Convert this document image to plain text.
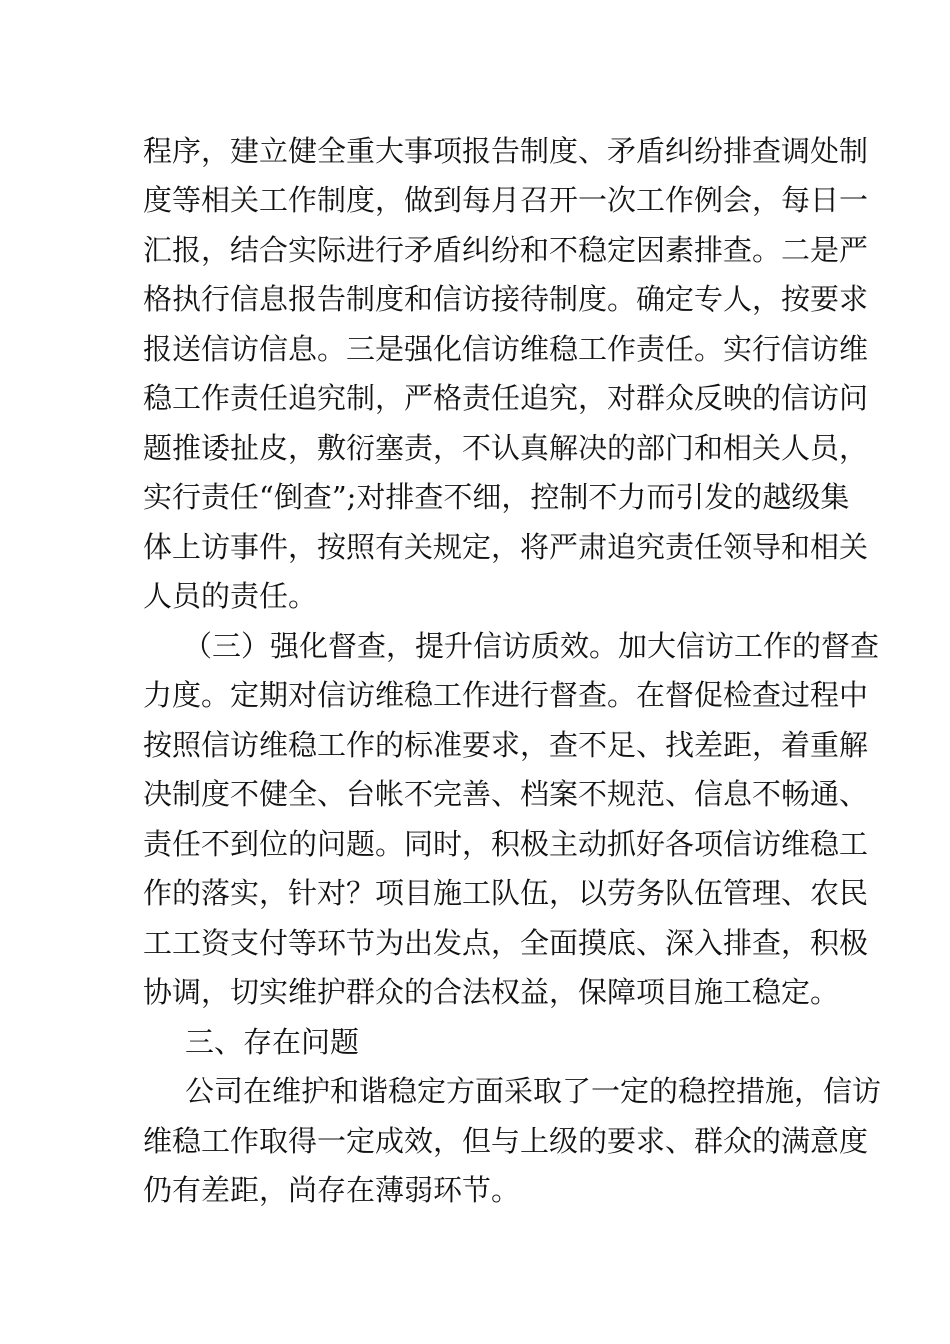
程序，建立健全重大事项报告制度、矛盾纠纷排查调处制
度等相关工作制度，做到每月召开一次工作例会，每日一
汇报，结合实际进行矛盾纠纷和不稳定因素排查。二是严
格执行信息报告制度和信访接待制度。确定专人，按要求
报送信访信息。三是强化信访维稳工作责任。实行信访维
稳工作责任追究制，严格责任追究，对群众反映的信访问
题推诿扯皮，敷衍塞责，不认真解决的部门和相关人员，
实行责任“倒查”;对排查不细，控制不力而引发的越级集
体上访事件，按照有关规定，将严肃追究责任领导和相关
人员的责任。
（三）强化督查，提升信访质效。加大信访工作的督查
力度。定期对信访维稳工作进行督查。在督促检查过程中
按照信访维稳工作的标准要求，查不足、找差距，着重解
决制度不健全、台帐不完善、档案不规范、信息不畅通、
责任不到位的问题。同时，积极主动抓好各项信访维稳工
作的落实，针对？项目施工队伍，以劳务队伍管理、农民
工工资支付等环节为出发点，全面摸底、深入排查，积极
协调，切实维护群众的合法权益，保障项目施工稳定。
三、存在问题
公司在维护和谐稳定方面采取了一定的稳控措施，信访
维稳工作取得一定成效，但与上级的要求、群众的满意度
仍有差距，尚存在薄弱环节。
